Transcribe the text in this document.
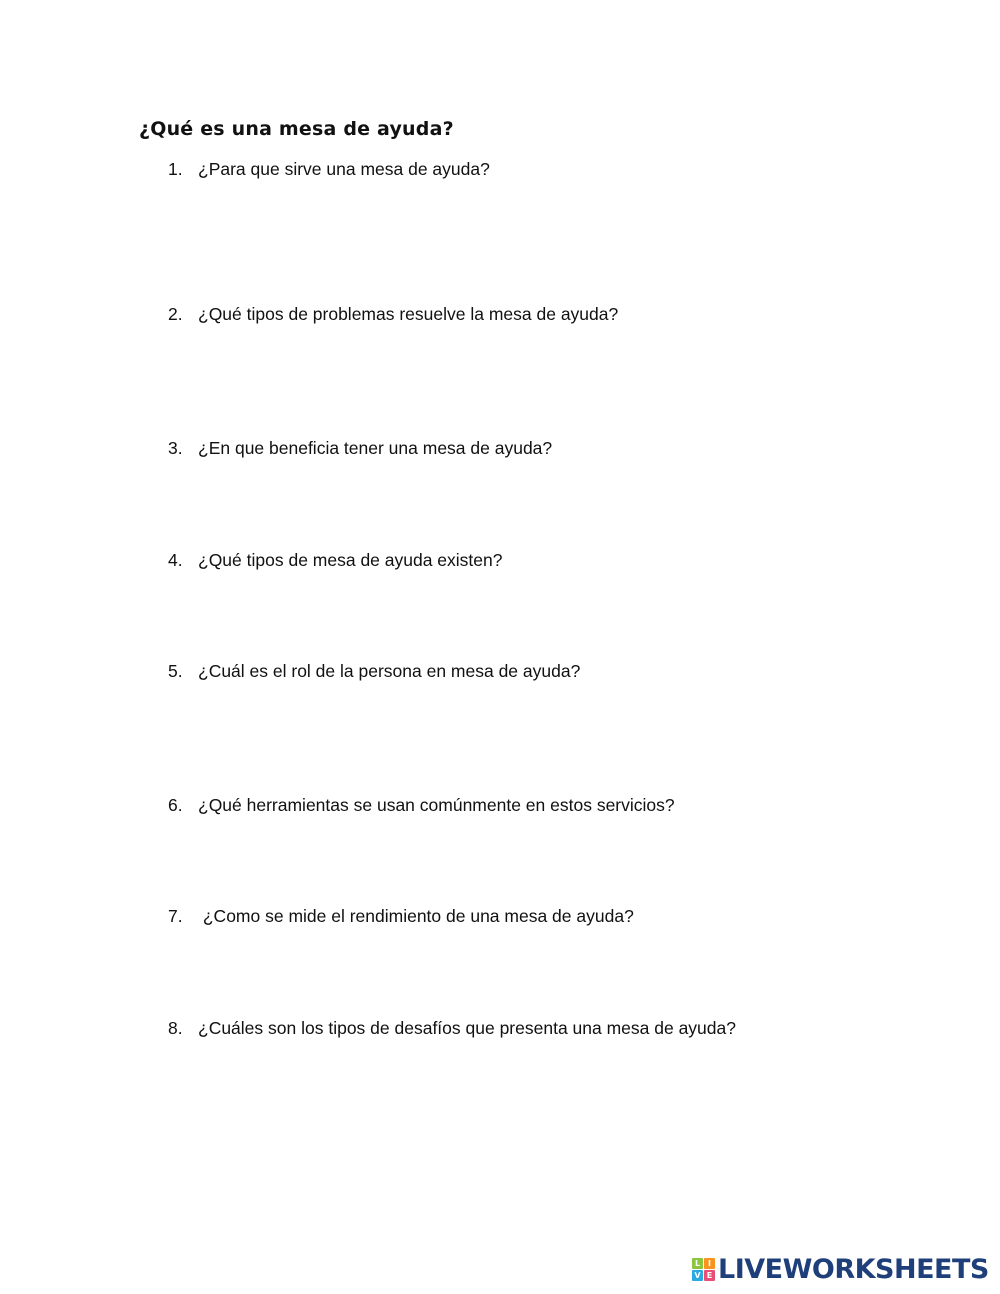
¿Qué es una mesa de ayuda?
1. ¿Para que sirve una mesa de ayuda?
2. ¿Qué tipos de problemas resuelve la mesa de ayuda?
3. ¿En que beneficia tener una mesa de ayuda?
4. ¿Qué tipos de mesa de ayuda existen?
5. ¿Cuál es el rol de la persona en mesa de ayuda?
6. ¿Qué herramientas se usan comúnmente en estos servicios?
7. ¿Como se mide el rendimiento de una mesa de ayuda?
8. ¿Cuáles son los tipos de desafíos que presenta una mesa de ayuda?
L I
V E LIVEWORKSHEETS
